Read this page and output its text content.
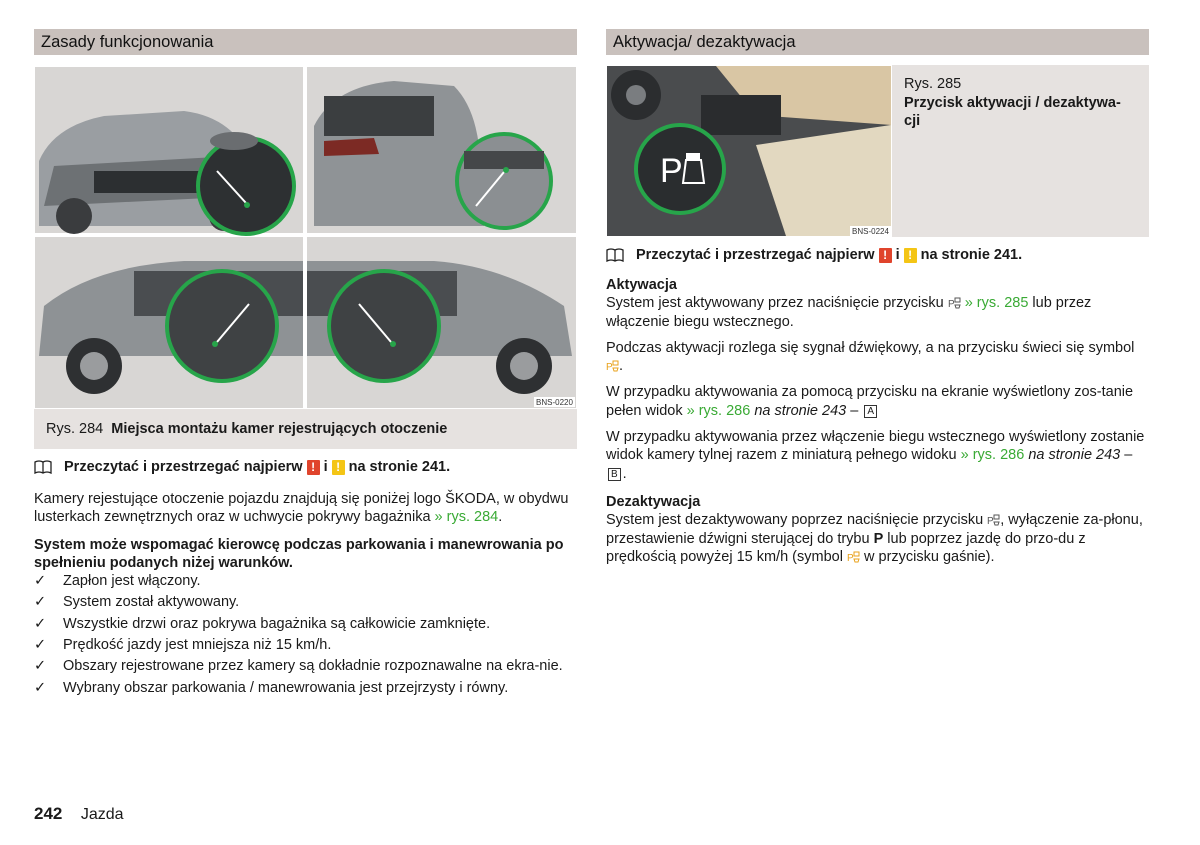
Zasady funkcjonowania
BNS-0220
Rys. 284 Miejsca montażu kamer rejestrujących otoczenie
Przeczytać i przestrzegać najpierw ! i ! na stronie 241.

Kamery rejestujące otoczenie pojazdu znajdują się poniżej logo ŠKODA, w obydwu lusterkach zewnętrznych oraz w uchwycie pokrywy bagażnika » rys. 284.

System może wspomagać kierowcę podczas parkowania i manewrowania po spełnieniu podanych niżej warunków.

✓	Zapłon jest włączony.
✓	System został aktywowany.
✓	Wszystkie drzwi oraz pokrywa bagażnika są całkowicie zamknięte.
✓	Prędkość jazdy jest mniejsza niż 15 km/h.
✓	Obszary rejestrowane przez kamery są dokładnie rozpoznawalne na ekra-nie.
✓	Wybrany obszar parkowania / manewrowania jest przejrzysty i równy.
Aktywacja/ dezaktywacja
P
BNS-0224
Rys. 285
Przycisk aktywacji / dezaktywa-cji
Przeczytać i przestrzegać najpierw ! i ! na stronie 241.

Aktywacja

System jest aktywowany przez naciśnięcie przycisku P » rys. 285 lub przez włączenie biegu wstecznego.

Podczas aktywacji rozlega się sygnał dźwiękowy, a na przycisku świeci się symbol
P .

W przypadku aktywowania za pomocą przycisku na ekranie wyświetlony zos-tanie pełen widok » rys. 286 na stronie 243 – A

W przypadku aktywowania przez włączenie biegu wstecznego wyświetlony zostanie widok kamery tylnej razem z miniaturą pełnego widoku » rys. 286 na stronie 243 – B .

Dezaktywacja

System jest dezaktywowany poprzez naciśnięcie przycisku P , wyłączenie za-płonu, przestawienie dźwigni sterującej do trybu P lub poprzez jazdę do przo-du z prędkością powyżej 15 km/h (symbol P w przycisku gaśnie).

242 Jazda
